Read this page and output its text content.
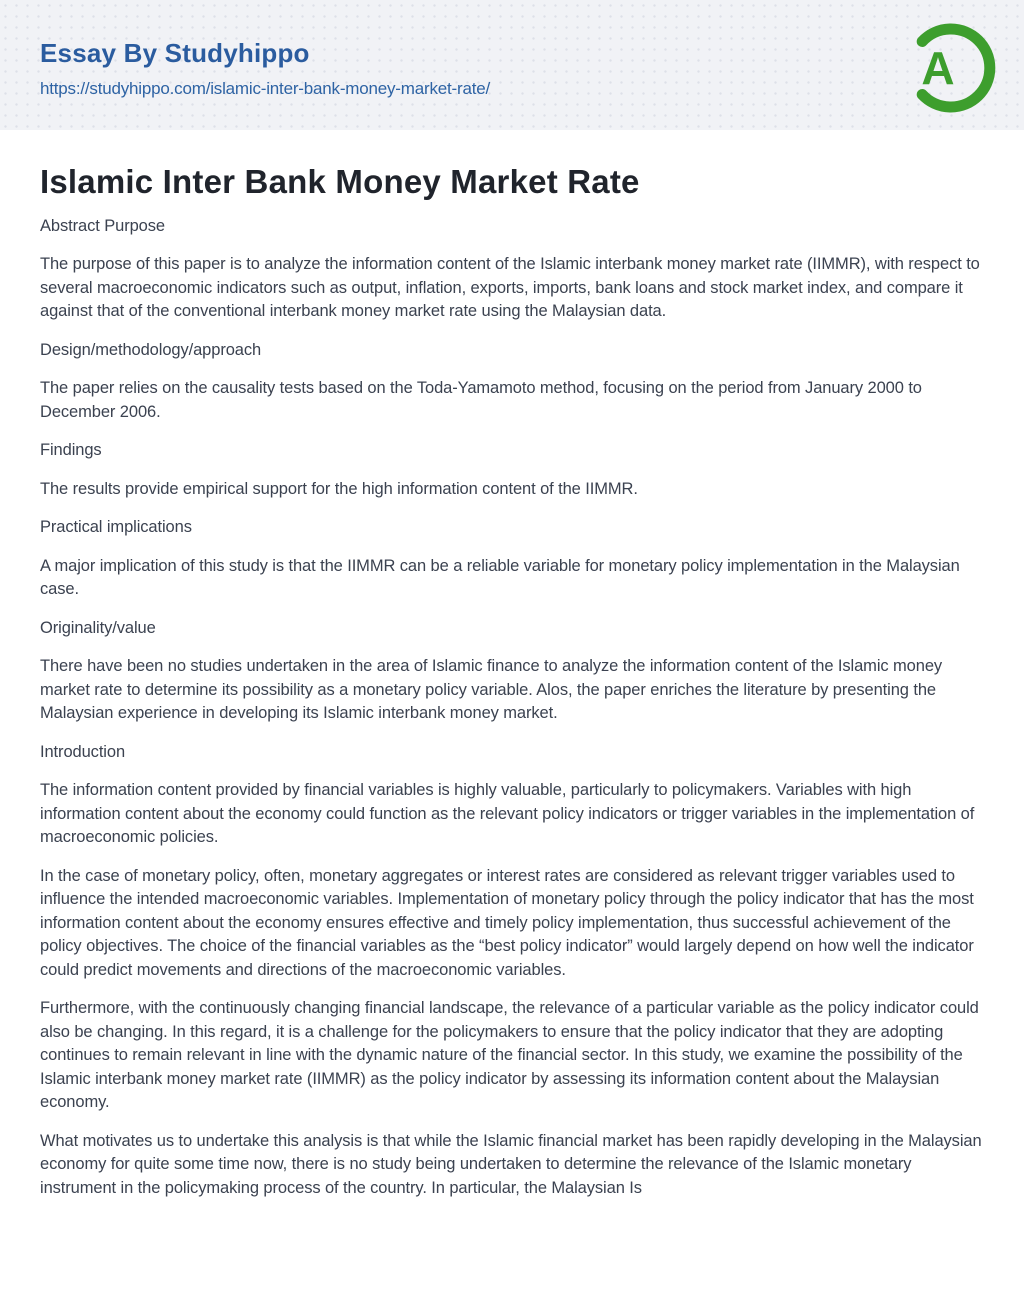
Essay By Studyhippo
https://studyhippo.com/islamic-inter-bank-money-market-rate/	A
Islamic Inter Bank Money Market Rate

Abstract Purpose

The purpose of this paper is to analyze the information content of the Islamic interbank money market rate (IIMMR), with respect to several macroeconomic indicators such as output, inflation, exports, imports, bank loans and stock market index, and compare it against that of the conventional interbank money market rate using the Malaysian data.

Design/methodology/approach

The paper relies on the causality tests based on the Toda-Yamamoto method, focusing on the period from January 2000 to December 2006.

Findings

The results provide empirical support for the high information content of the IIMMR.

Practical implications

A major implication of this study is that the IIMMR can be a reliable variable for monetary policy implementation in the Malaysian case.

Originality/value

There have been no studies undertaken in the area of Islamic finance to analyze the information content of the Islamic money market rate to determine its possibility as a monetary policy variable. Alos, the paper enriches the literature by presenting the Malaysian experience in developing its Islamic interbank money market.

Introduction

The information content provided by financial variables is highly valuable, particularly to policymakers. Variables with high information content about the economy could function as the relevant policy indicators or trigger variables in the implementation of macroeconomic policies.

In the case of monetary policy, often, monetary aggregates or interest rates are considered as relevant trigger variables used to influence the intended macroeconomic variables. Implementation of monetary policy through the policy indicator that has the most information content about the economy ensures effective and timely policy implementation, thus successful achievement of the policy objectives. The choice of the financial variables as the “best policy indicator” would largely depend on how well the indicator could predict movements and directions of the macroeconomic variables.

Furthermore, with the continuously changing financial landscape, the relevance of a particular variable as the policy indicator could also be changing. In this regard, it is a challenge for the policymakers to ensure that the policy indicator that they are adopting continues to remain relevant in line with the dynamic nature of the financial sector. In this study, we examine the possibility of the Islamic interbank money market rate (IIMMR) as the policy indicator by assessing its information content about the Malaysian economy.

What motivates us to undertake this analysis is that while the Islamic financial market has been rapidly developing in the Malaysian economy for quite some time now, there is no study being undertaken to determine the relevance of the Islamic monetary instrument in the policymaking process of the country. In particular, the Malaysian Is
